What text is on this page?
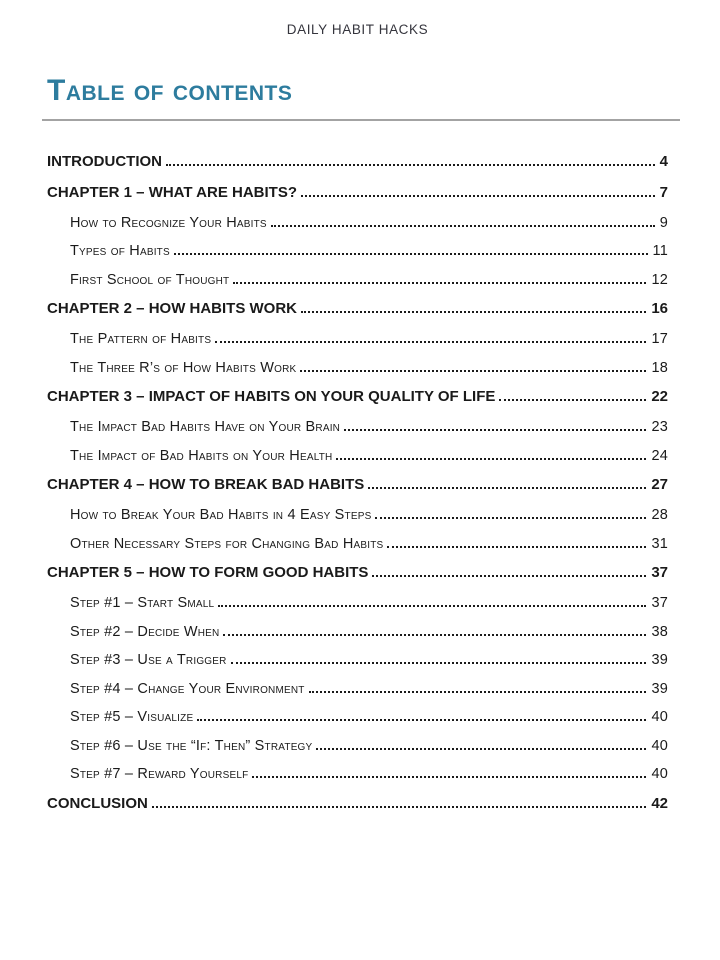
DAILY HABIT HACKS
Table of contents
INTRODUCTION	4
CHAPTER 1 – WHAT ARE HABITS?	7
How to Recognize Your Habits	9
Types of Habits	11
First School of Thought	12
CHAPTER 2 – HOW HABITS WORK	16
The Pattern of Habits	17
The Three R’s of How Habits Work	18
CHAPTER 3 – IMPACT OF HABITS ON YOUR QUALITY OF LIFE	22
The Impact Bad Habits Have on Your Brain	23
The Impact of Bad Habits on Your Health	24
CHAPTER 4 – HOW TO BREAK BAD HABITS	27
How to Break Your Bad Habits in 4 Easy Steps	28
Other Necessary Steps for Changing Bad Habits	31
CHAPTER 5 – HOW TO FORM GOOD HABITS	37
Step #1 – Start Small	37
Step #2 – Decide When	38
Step #3 – Use a Trigger	39
Step #4 – Change Your Environment	39
Step #5 – Visualize	40
Step #6 – Use the “If: Then” Strategy	40
Step #7 – Reward Yourself	40
CONCLUSION	42
